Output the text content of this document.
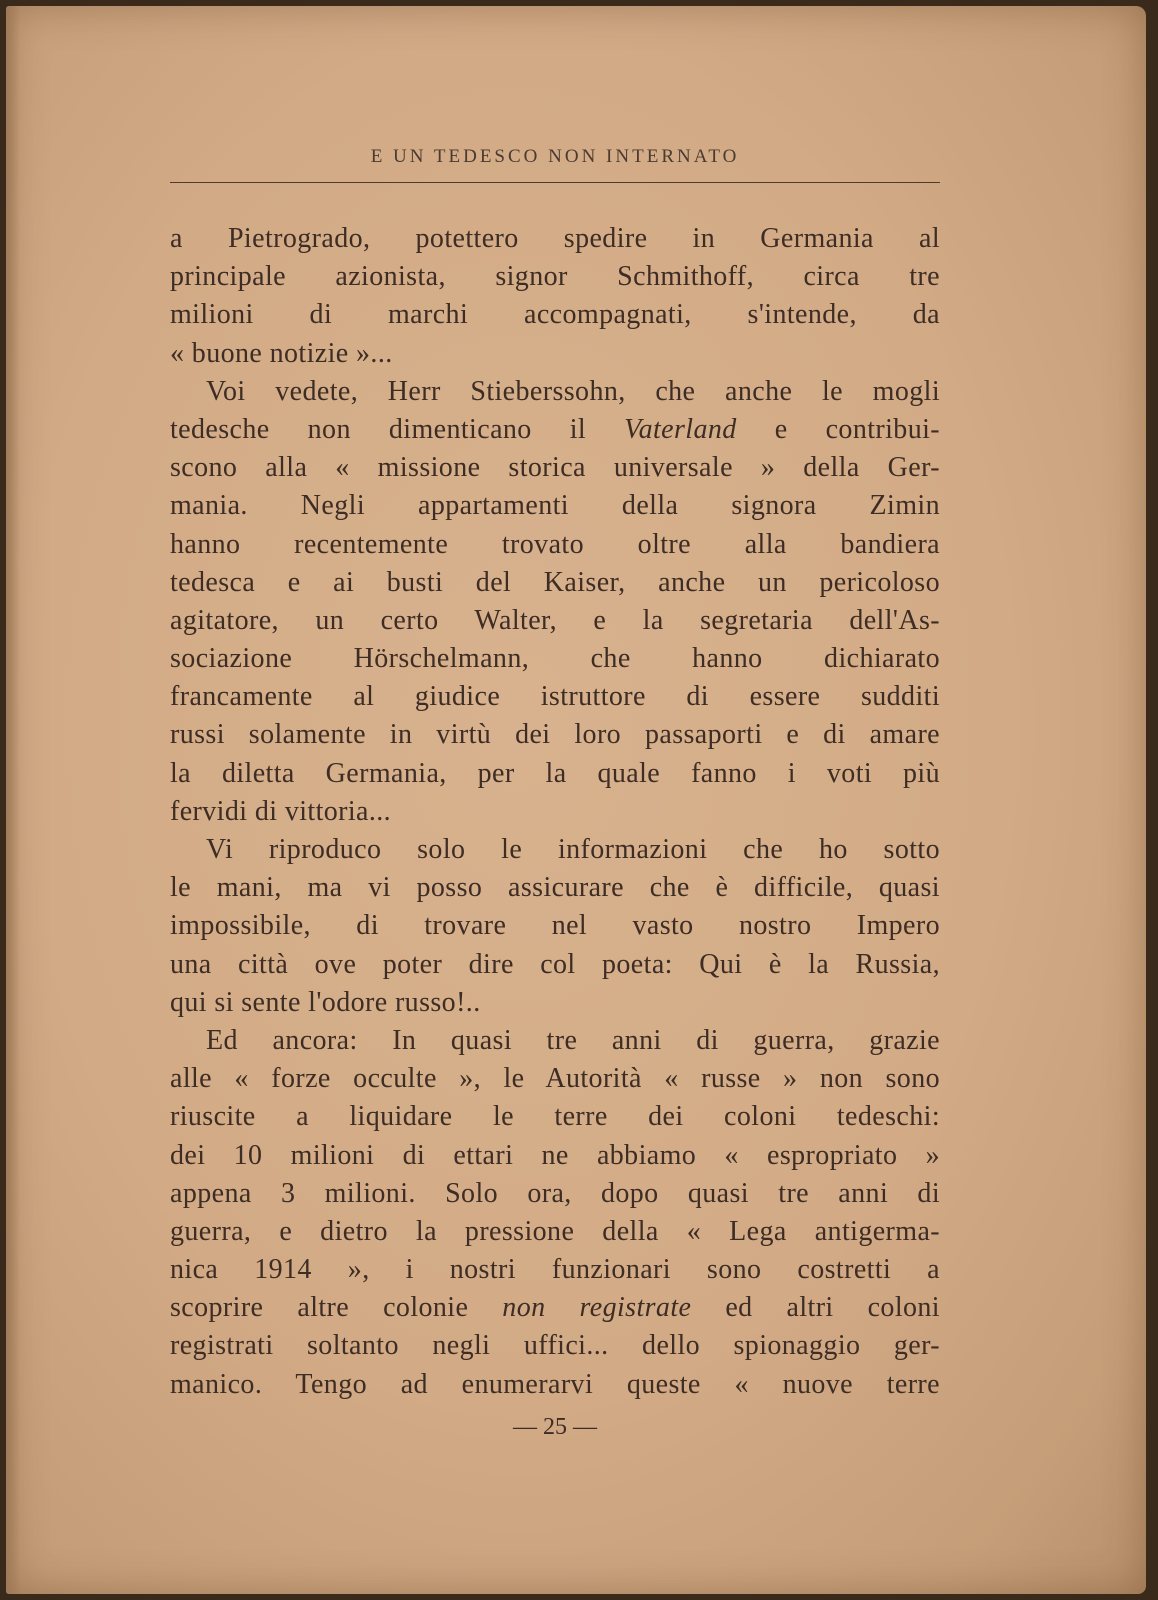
E UN TEDESCO NON INTERNATO
a Pietrogrado, potettero spedire in Germania al
principale azionista, signor Schmithoff, circa tre
milioni di marchi accompagnati, s'intende, da
« buone notizie »...
Voi vedete, Herr Stieberssohn, che anche le mogli
tedesche non dimenticano il Vaterland e contribui-
scono alla « missione storica universale » della Ger-
mania. Negli appartamenti della signora Zimin
hanno recentemente trovato oltre alla bandiera
tedesca e ai busti del Kaiser, anche un pericoloso
agitatore, un certo Walter, e la segretaria dell'As-
sociazione Hörschelmann, che hanno dichiarato
francamente al giudice istruttore di essere sudditi
russi solamente in virtù dei loro passaporti e di amare
la diletta Germania, per la quale fanno i voti più
fervidi di vittoria...
Vi riproduco solo le informazioni che ho sotto
le mani, ma vi posso assicurare che è difficile, quasi
impossibile, di trovare nel vasto nostro Impero
una città ove poter dire col poeta: Qui è la Russia,
qui si sente l'odore russo!..
Ed ancora: In quasi tre anni di guerra, grazie
alle « forze occulte », le Autorità « russe » non sono
riuscite a liquidare le terre dei coloni tedeschi:
dei 10 milioni di ettari ne abbiamo « espropriato »
appena 3 milioni. Solo ora, dopo quasi tre anni di
guerra, e dietro la pressione della « Lega antigerma-
nica 1914 », i nostri funzionari sono costretti a
scoprire altre colonie non registrate ed altri coloni
registrati soltanto negli uffici... dello spionaggio ger-
manico. Tengo ad enumerarvi queste « nuove terre
— 25 —
